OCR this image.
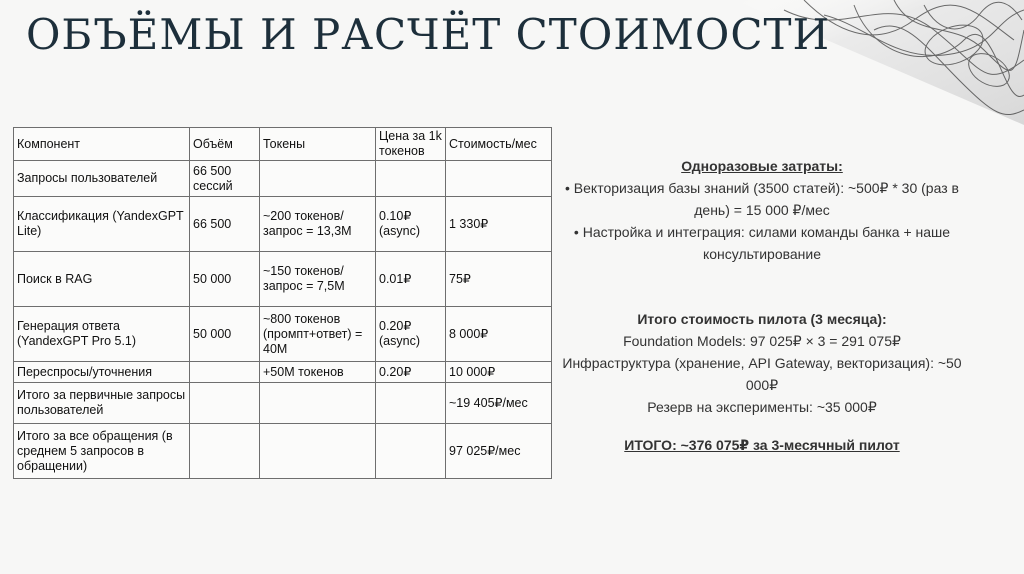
ОБЪЁМЫ И РАСЧЁТ СТОИМОСТИ
Компонент	Объём	Токены	Цена за 1k токенов	Стоимость/мес
Запросы пользователей	66 500 сессий			
Классификация (YandexGPT Lite)	66 500	~200 токенов/запрос = 13,3М	0.10₽ (async)	1 330₽
Поиск в RAG	50 000	~150 токенов/запрос = 7,5М	0.01₽	75₽
Генерация ответа (YandexGPT Pro 5.1)	50 000	~800 токенов (промпт+ответ) = 40М	0.20₽ (async)	8 000₽
Переспросы/уточнения		+50М токенов	0.20₽	10 000₽
Итого за первичные запросы пользователей				~19 405₽/мес
Итого за все обращения (в среднем 5 запросов в обращении)				97 025₽/мес
Одноразовые затраты:
• Векторизация базы знаний (3500 статей): ~500₽ * 30 (раз в день) = 15 000 ₽/мес
• Настройка и интеграция: силами команды банка + наше консультирование
Итого стоимость пилота (3 месяца):
Foundation Models: 97 025₽ × 3 = 291 075₽
Инфраструктура (хранение, API Gateway, векторизация): ~50 000₽
Резерв на эксперименты: ~35 000₽
ИТОГО: ~376 075₽ за 3-месячный пилот
